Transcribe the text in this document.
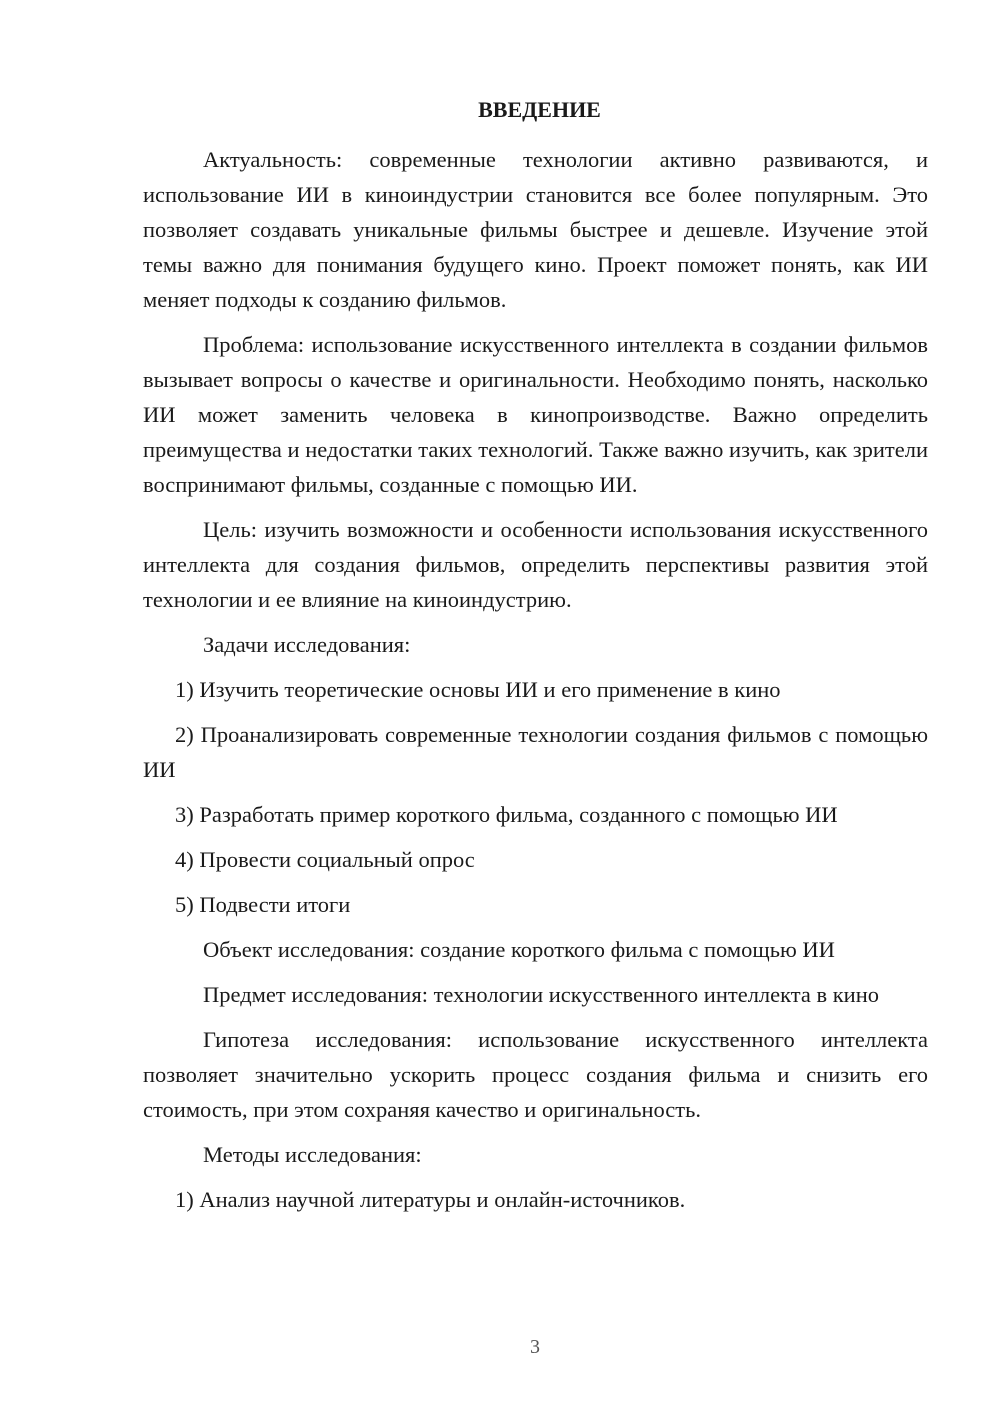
ВВЕДЕНИЕ

Актуальность: современные технологии активно развиваются, и использование ИИ в киноиндустрии становится все более популярным. Это позволяет создавать уникальные фильмы быстрее и дешевле. Изучение этой темы важно для понимания будущего кино. Проект поможет понять, как ИИ меняет подходы к созданию фильмов.

Проблема: использование искусственного интеллекта в создании фильмов вызывает вопросы о качестве и оригинальности. Необходимо понять, насколько ИИ может заменить человека в кинопроизводстве. Важно определить преимущества и недостатки таких технологий. Также важно изучить, как зрители воспринимают фильмы, созданные с помощью ИИ.

Цель: изучить возможности и особенности использования искусственного интеллекта для создания фильмов, определить перспективы развития этой технологии и ее влияние на киноиндустрию.

Задачи исследования:

1) Изучить теоретические основы ИИ и его применение в кино

2) Проанализировать современные технологии создания фильмов с помощью ИИ

3) Разработать пример короткого фильма, созданного с помощью ИИ

4) Провести социальный опрос

5) Подвести итоги

Объект исследования: создание короткого фильма с помощью ИИ

Предмет исследования: технологии искусственного интеллекта в кино

Гипотеза исследования: использование искусственного интеллекта позволяет значительно ускорить процесс создания фильма и снизить его стоимость, при этом сохраняя качество и оригинальность.

Методы исследования:

1) Анализ научной литературы и онлайн-источников.

3
